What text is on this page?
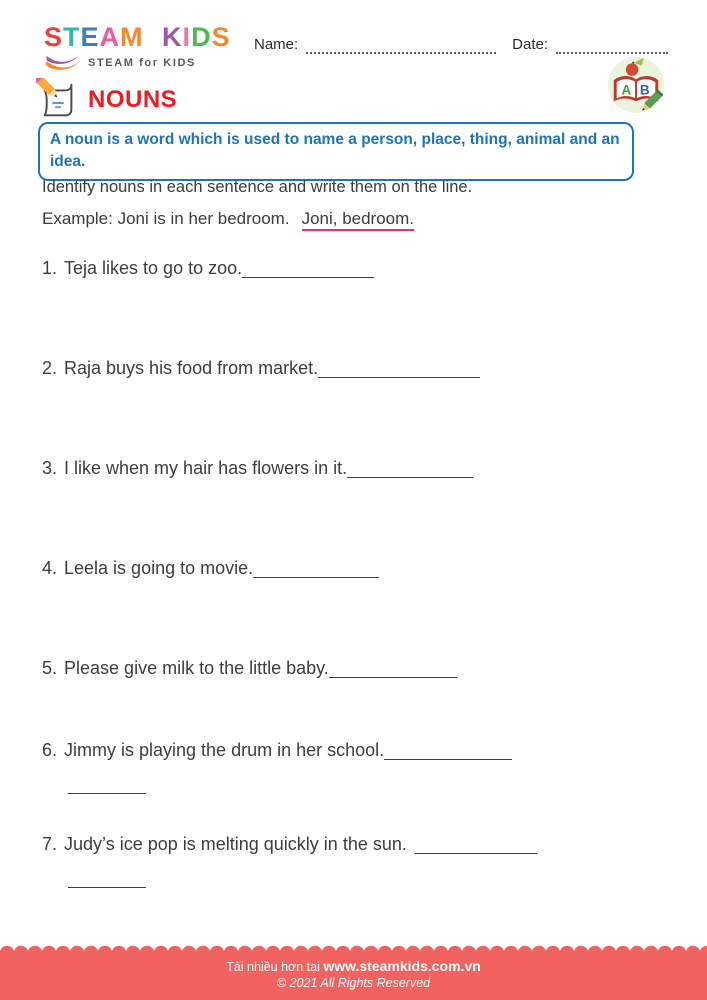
STEAM KIDS
STEAM for KIDS
Name:	Date:
A B
NOUNS

A noun is a word which is used to name a person, place, thing, animal and an idea.

Identify nouns in each sentence and write them on the line.

Example: Joni is in her bedroom. Joni, bedroom.

1. Teja likes to go to zoo.
2. Raja buys his food from market.
3. I like when my hair has flowers in it.
4. Leela is going to movie.
5. Please give milk to the little baby.
6. Jimmy is playing the drum in her school.

7. Judy’s ice pop is melting quickly in the sun.

Tải nhiều hơn tại www.steamkids.com.vn

© 2021 All Rights Reserved
